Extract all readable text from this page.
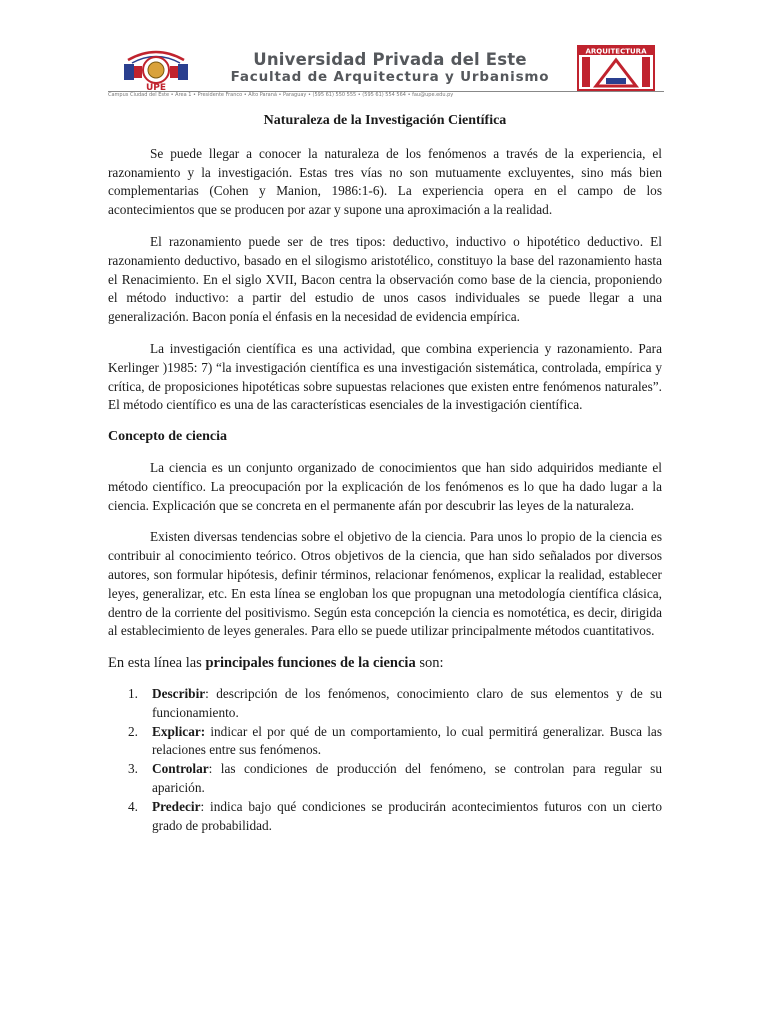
UPE
Universidad Privada del Este
Facultad de Arquitectura y Urbanismo
ARQUITECTURA
Campus Ciudad del Este • Área 1 • Presidente Franco • Alto Paraná • Paraguay • (595 61) 550 555 • (595 61) 554 564 • fau@upe.edu.py
Naturaleza de la Investigación Científica

Se puede llegar a conocer la naturaleza de los fenómenos a través de la experiencia, el razonamiento y la investigación. Estas tres vías no son mutuamente excluyentes, sino más bien complementarias (Cohen y Manion, 1986:1-6). La experiencia opera en el campo de los acontecimientos que se producen por azar y supone una aproximación a la realidad.

El razonamiento puede ser de tres tipos: deductivo, inductivo o hipotético deductivo. El razonamiento deductivo, basado en el silogismo aristotélico, constituyo la base del razonamiento hasta el Renacimiento. En el siglo XVII, Bacon centra la observación como base de la ciencia, proponiendo el método inductivo: a partir del estudio de unos casos individuales se puede llegar a una generalización. Bacon ponía el énfasis en la necesidad de evidencia empírica.

La investigación científica es una actividad, que combina experiencia y razonamiento. Para Kerlinger )1985: 7) “la investigación científica es una investigación sistemática, controlada, empírica y crítica, de proposiciones hipotéticas sobre supuestas relaciones que existen entre fenómenos naturales”. El método científico es una de las características esenciales de la investigación científica.

Concepto de ciencia

La ciencia es un conjunto organizado de conocimientos que han sido adquiridos mediante el método científico. La preocupación por la explicación de los fenómenos es lo que ha dado lugar a la ciencia. Explicación que se concreta en el permanente afán por descubrir las leyes de la naturaleza.

Existen diversas tendencias sobre el objetivo de la ciencia. Para unos lo propio de la ciencia es contribuir al conocimiento teórico. Otros objetivos de la ciencia, que han sido señalados por diversos autores, son formular hipótesis, definir términos, relacionar fenómenos, explicar la realidad, establecer leyes, generalizar, etc. En esta línea se engloban los que propugnan una metodología científica clásica, dentro de la corriente del positivismo. Según esta concepción la ciencia es nomotética, es decir, dirigida al establecimiento de leyes generales. Para ello se puede utilizar principalmente métodos cuantitativos.

En esta línea las principales funciones de la ciencia son:
1. Describir: descripción de los fenómenos, conocimiento claro de sus elementos y de su funcionamiento.
2. Explicar: indicar el por qué de un comportamiento, lo cual permitirá generalizar. Busca las relaciones entre sus fenómenos.
3. Controlar: las condiciones de producción del fenómeno, se controlan para regular su aparición.
4. Predecir: indica bajo qué condiciones se producirán acontecimientos futuros con un cierto grado de probabilidad.
